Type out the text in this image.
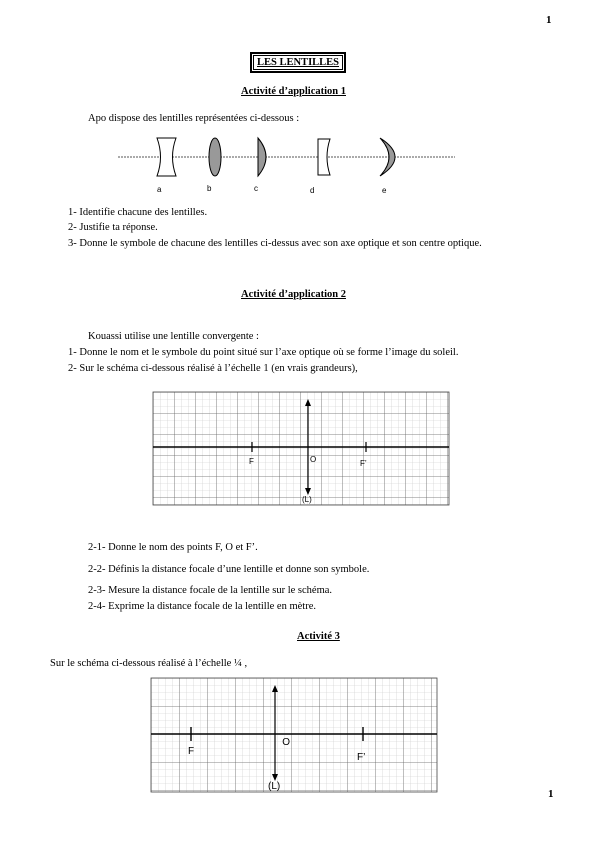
1
1
LES LENTILLES
Activité d’application 1
Apo dispose des lentilles représentées ci-dessous :
a	b	c	d	e
1- Identifie chacune des lentilles.
2- Justifie ta réponse.
3- Donne le symbole de chacune des lentilles ci-dessus avec son axe optique et son centre optique.
Activité d’application 2
Kouassi utilise une lentille convergente :
1- Donne le nom et le symbole du point situé sur l’axe optique où se forme l’image du soleil.
2- Sur le schéma ci-dessous réalisé à l’échelle 1 (en vrais grandeurs),
F	O	F’
(L)
2-1- Donne le nom des points F, O et F’.
2-2- Définis la distance focale d’une lentille et donne son symbole.
2-3- Mesure la distance focale de la lentille sur le schéma.
2-4- Exprime la distance focale de la lentille en mètre.
Activité 3
Sur le schéma ci-dessous réalisé à l’échelle ¼ ,
F
O
F’
(L)
